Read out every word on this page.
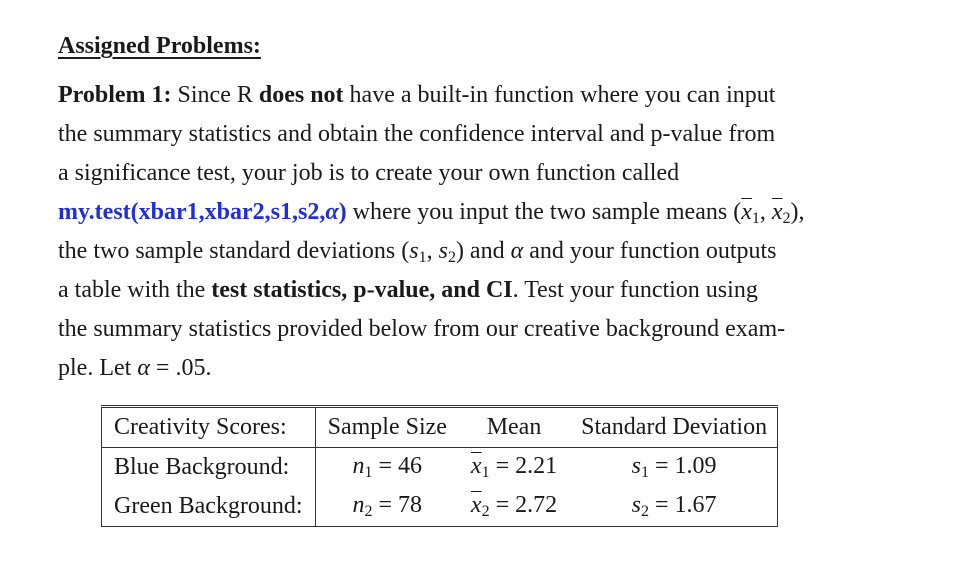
Assigned Problems:
Problem 1: Since R does not have a built-in function where you can input
the summary statistics and obtain the confidence interval and p-value from
a significance test, your job is to create your own function called
my.test(xbar1,xbar2,s1,s2,α) where you input the two sample means ($\overline{x}_1$, $\overline{x}_2$),
the two sample standard deviations ($s_1$, $s_2$) and α and your function outputs
a table with the test statistics, p-value, and CI. Test your function using
the summary statistics provided below from our creative background exam-
ple. Let α = .05.
Creativity Scores:	Sample Size	Mean	Standard Deviation
Blue Background:	$n_1 = 46$	$\overline{x}_1 = 2.21$	$s_1 = 1.09$
Green Background:	$n_2 = 78$	$\overline{x}_2 = 2.72$	$s_2 = 1.67$
